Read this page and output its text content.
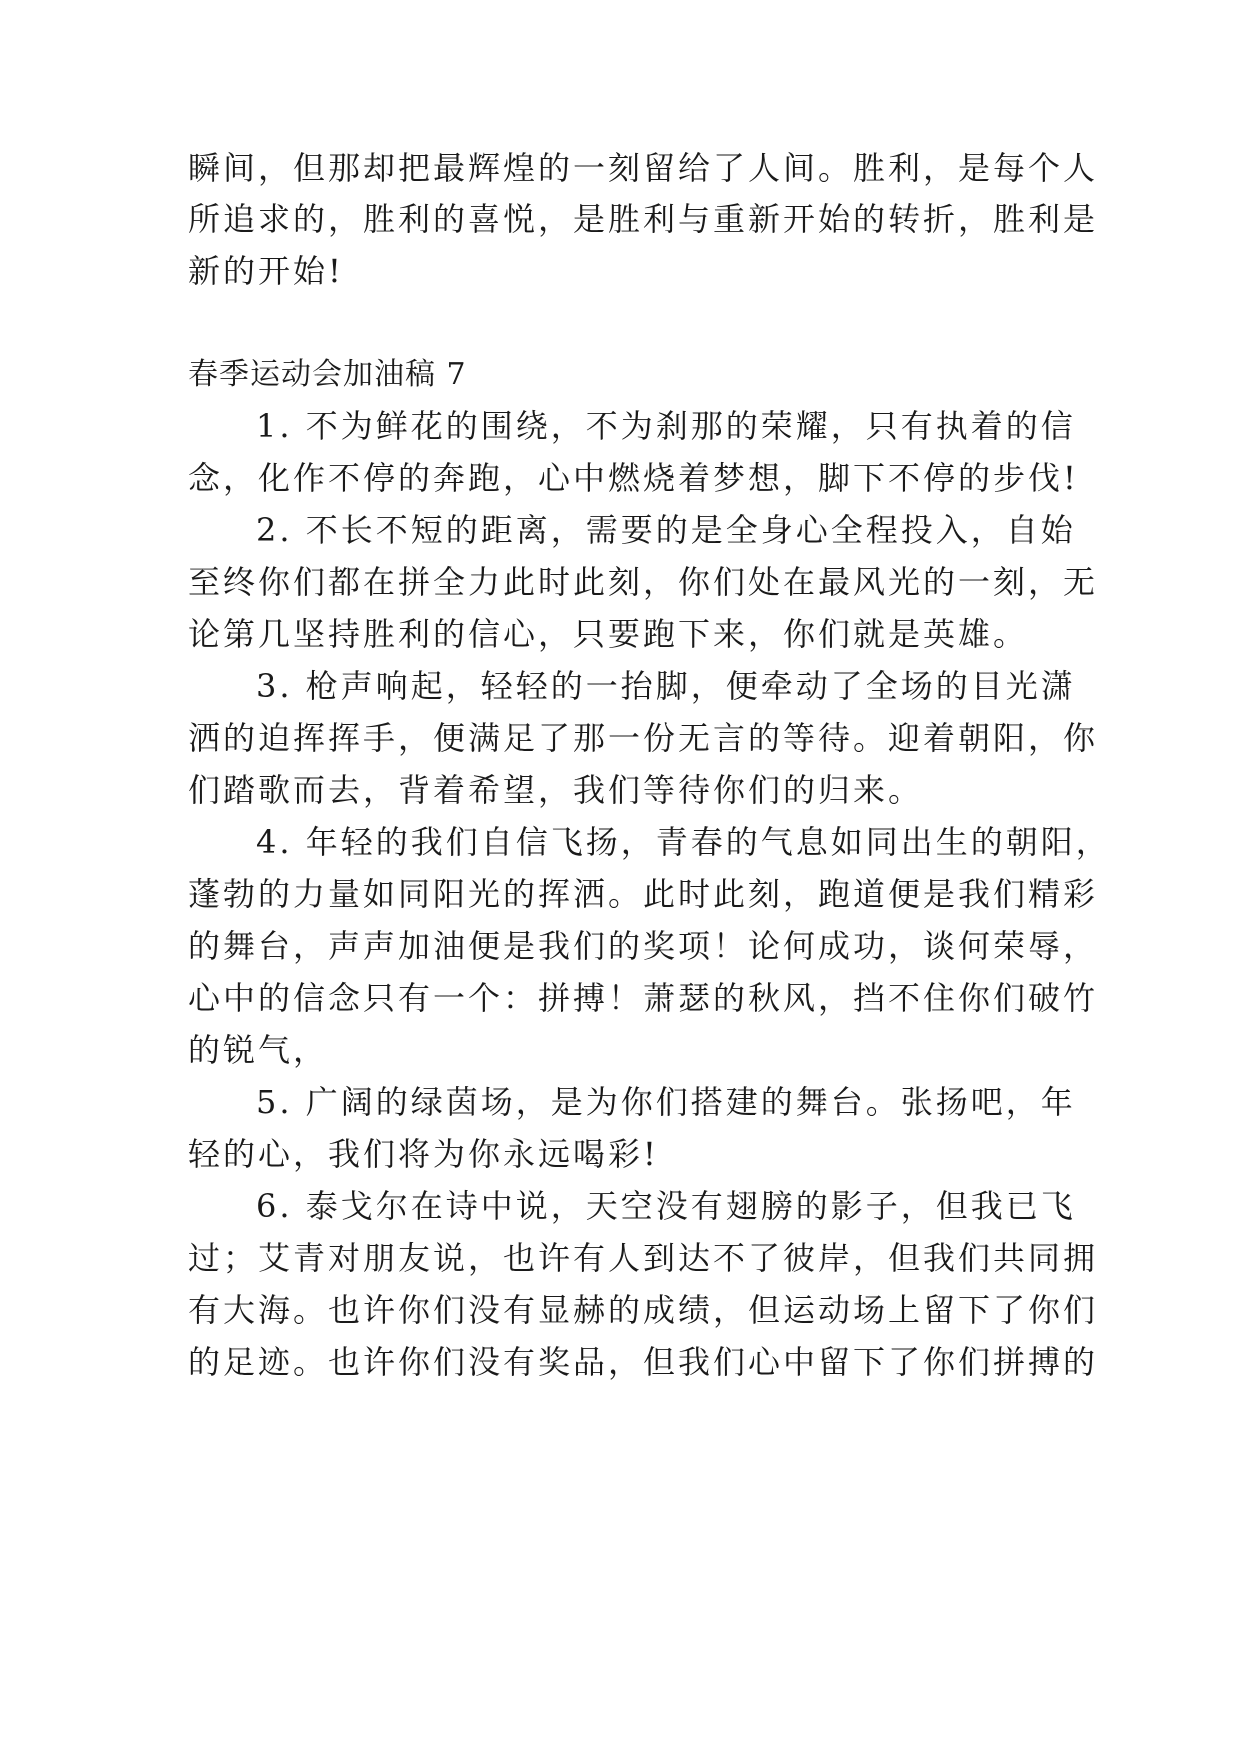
瞬间，但那却把最辉煌的一刻留给了人间。胜利，是每个人
所追求的，胜利的喜悦，是胜利与重新开始的转折，胜利是
新的开始!
春季运动会加油稿 7
1. 不为鲜花的围绕，不为刹那的荣耀，只有执着的信
念，化作不停的奔跑，心中燃烧着梦想，脚下不停的步伐!
2. 不长不短的距离，需要的是全身心全程投入，自始
至终你们都在拼全力此时此刻，你们处在最风光的一刻，无
论第几坚持胜利的信心，只要跑下来，你们就是英雄。
3. 枪声响起，轻轻的一抬脚，便牵动了全场的目光潇
洒的迫挥挥手，便满足了那一份无言的等待。迎着朝阳，你
们踏歌而去，背着希望，我们等待你们的归来。
4. 年轻的我们自信飞扬，青春的气息如同出生的朝阳，
蓬勃的力量如同阳光的挥洒。此时此刻，跑道便是我们精彩
的舞台，声声加油便是我们的奖项！论何成功，谈何荣辱，
心中的信念只有一个：拼搏！萧瑟的秋风，挡不住你们破竹
的锐气，
5. 广阔的绿茵场，是为你们搭建的舞台。张扬吧，年
轻的心，我们将为你永远喝彩!
6. 泰戈尔在诗中说，天空没有翅膀的影子，但我已飞
过；艾青对朋友说，也许有人到达不了彼岸，但我们共同拥
有大海。也许你们没有显赫的成绩，但运动场上留下了你们
的足迹。也许你们没有奖品，但我们心中留下了你们拼搏的
